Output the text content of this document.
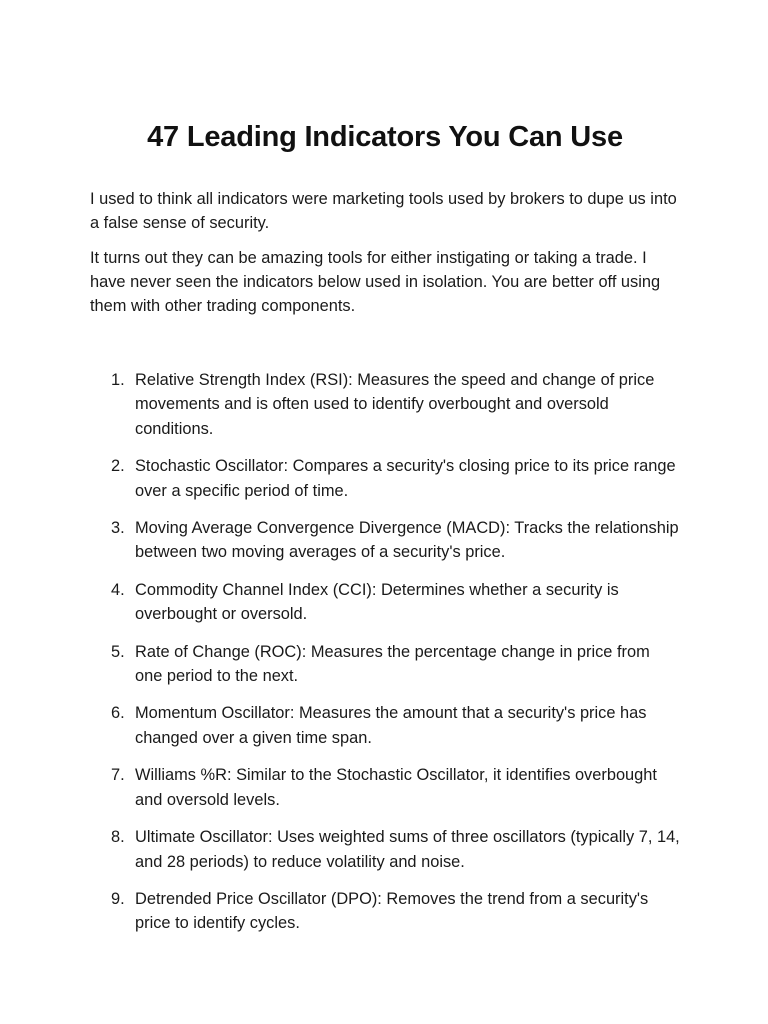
47 Leading Indicators You Can Use

I used to think all indicators were marketing tools used by brokers to dupe us into a false sense of security.

It turns out they can be amazing tools for either instigating or taking a trade. I have never seen the indicators below used in isolation. You are better off using them with other trading components.

1. Relative Strength Index (RSI): Measures the speed and change of price movements and is often used to identify overbought and oversold conditions.
2. Stochastic Oscillator: Compares a security's closing price to its price range over a specific period of time.
3. Moving Average Convergence Divergence (MACD): Tracks the relationship between two moving averages of a security's price.
4. Commodity Channel Index (CCI): Determines whether a security is overbought or oversold.
5. Rate of Change (ROC): Measures the percentage change in price from one period to the next.
6. Momentum Oscillator: Measures the amount that a security's price has changed over a given time span.
7. Williams %R: Similar to the Stochastic Oscillator, it identifies overbought and oversold levels.
8. Ultimate Oscillator: Uses weighted sums of three oscillators (typically 7, 14, and 28 periods) to reduce volatility and noise.
9. Detrended Price Oscillator (DPO): Removes the trend from a security's price to identify cycles.
